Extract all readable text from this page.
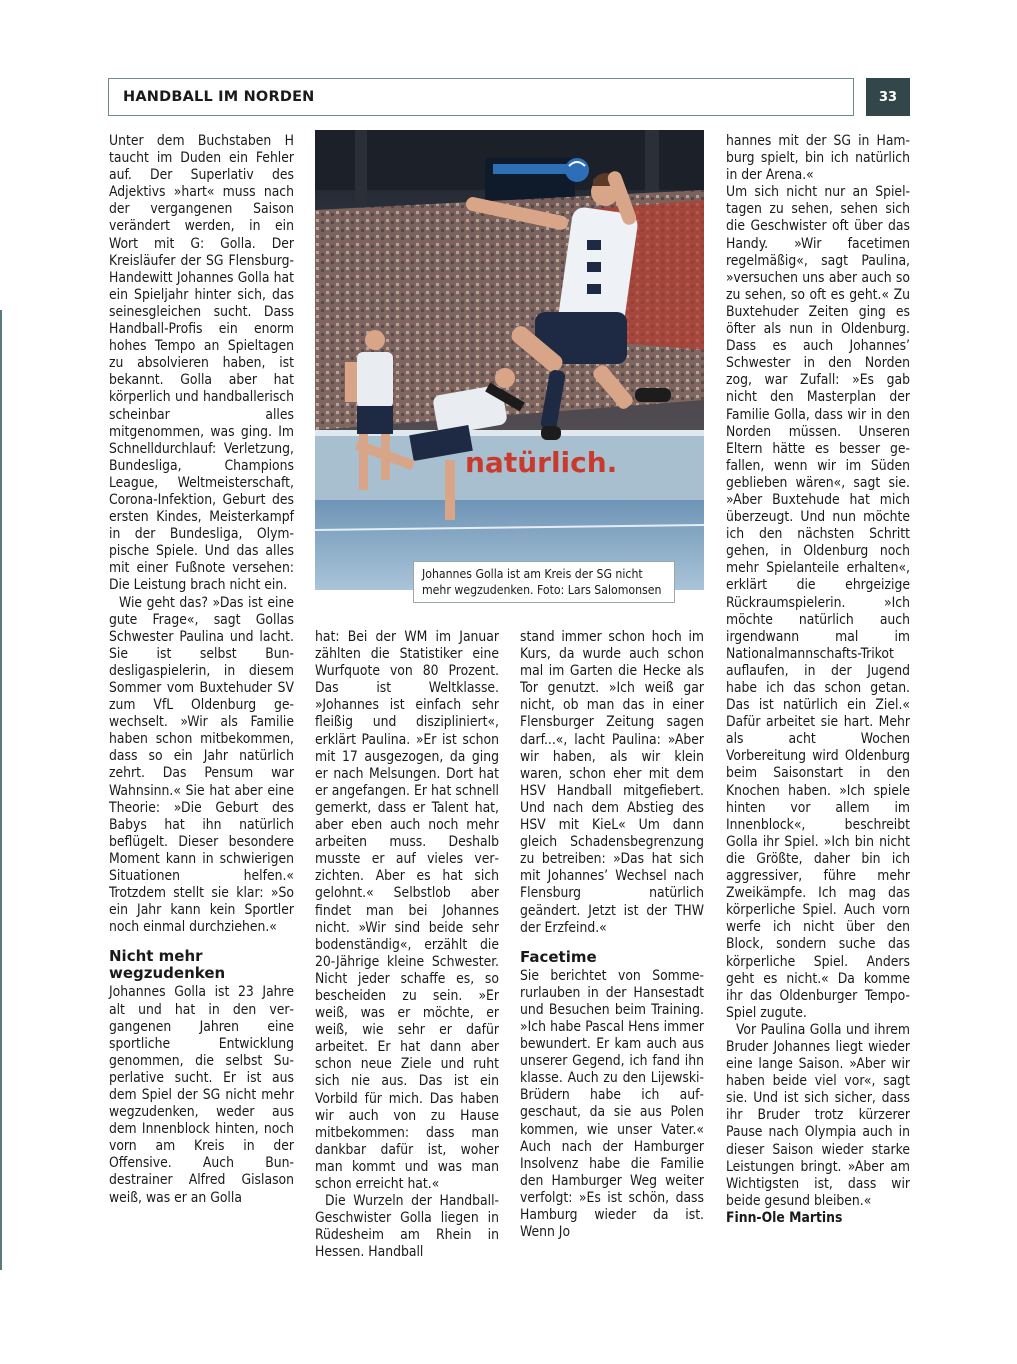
HANDBALL IM NORDEN	33

Unter dem Buchstaben H taucht im Duden ein Fehler auf. Der Superlativ des Adjektivs »hart« muss nach der vergangenen Saison verändert werden, in ein Wort mit G: Golla. Der Kreisläufer der SG Flensburg-Handewitt Johannes Golla hat ein Spieljahr hinter sich, das seinesgleichen sucht. Dass Handball-Profis ein enorm hohes Tempo an Spieltagen zu absolvieren haben, ist bekannt. Golla aber hat körperlich und handballerisch scheinbar alles mitgenommen, was ging. Im Schnelldurchlauf: Verletzung, Bundesliga, Champions League, Weltmeisterschaft, Corona-Infektion, Geburt des ersten Kindes, Meisterkampf in der Bundesliga, Olympische Spiele. Und das alles mit einer Fußnote versehen: Die Leistung brach nicht ein.

Wie geht das? »Das ist eine gute Frage«, sagt Gollas Schwester Paulina und lacht. Sie ist selbst Bundesligaspielerin, in diesem Sommer vom Buxtehuder SV zum VfL Oldenburg gewechselt. »Wir als Familie haben schon mitbekommen, dass so ein Jahr natürlich zehrt. Das Pensum war Wahnsinn.« Sie hat aber eine Theorie: »Die Geburt des Babys hat ihn natürlich beflügelt. Dieser besondere Moment kann in schwierigen Situationen helfen.« Trotzdem stellt sie klar: »So ein Jahr kann kein Sportler noch einmal durchziehen.«

Nicht mehr wegzudenken

Johannes Golla ist 23 Jahre alt und hat in den vergangenen Jahren eine sportliche Entwicklung genommen, die selbst Superlative sucht. Er ist aus dem Spiel der SG nicht mehr wegzudenken, weder aus dem Innenblock hinten, noch vorn am Kreis in der Offensive. Auch Bundestrainer Alfred Gislason weiß, was er an Golla

natürlich.
Johannes Golla ist am Kreis der SG nicht mehr wegzudenken. Foto: Lars Salomonsen

hat: Bei der WM im Januar zählten die Statistiker eine Wurfquote von 80 Prozent. Das ist Weltklasse. »Johannes ist einfach sehr fleißig und diszipliniert«, erklärt Paulina. »Er ist schon mit 17 ausgezogen, da ging er nach Melsungen. Dort hat er angefangen. Er hat schnell gemerkt, dass er Talent hat, aber eben auch noch mehr arbeiten muss. Deshalb musste er auf vieles verzichten. Aber es hat sich gelohnt.« Selbstlob aber findet man bei Johannes nicht. »Wir sind beide sehr bodenständig«, erzählt die 20-Jährige kleine Schwester. Nicht jeder schaffe es, so bescheiden zu sein. »Er weiß, was er möchte, er weiß, wie sehr er dafür arbeitet. Er hat dann aber schon neue Ziele und ruht sich nie aus. Das ist ein Vorbild für mich. Das haben wir auch von zu Hause mitbekommen: dass man dankbar dafür ist, woher man kommt und was man schon erreicht hat.«

Die Wurzeln der Handball-Geschwister Golla liegen in Rüdesheim am Rhein in Hessen. Handball

stand immer schon hoch im Kurs, da wurde auch schon mal im Garten die Hecke als Tor genutzt. »Ich weiß gar nicht, ob man das in einer Flensburger Zeitung sagen darf...«, lacht Paulina: »Aber wir haben, als wir klein waren, schon eher mit dem HSV Handball mitgefiebert. Und nach dem Abstieg des HSV mit KieL« Um dann gleich Schadensbegrenzung zu betreiben: »Das hat sich mit Johannes’ Wechsel nach Flensburg natürlich geändert. Jetzt ist der THW der Erzfeind.«

Facetime

Sie berichtet von Sommerurlauben in der Hansestadt und Besuchen beim Training. »Ich habe Pascal Hens immer bewundert. Er kam auch aus unserer Gegend, ich fand ihn klasse. Auch zu den Lijewski-Brüdern habe ich aufgeschaut, da sie aus Polen kommen, wie unser Vater.« Auch nach der Hamburger Insolvenz habe die Familie den Hamburger Weg weiter verfolgt: »Es ist schön, dass Hamburg wieder da ist. Wenn Jo

hannes mit der SG in Hamburg spielt, bin ich natürlich in der Arena.«

Um sich nicht nur an Spieltagen zu sehen, sehen sich die Geschwister oft über das Handy. »Wir facetimen regelmäßig«, sagt Paulina, »versuchen uns aber auch so zu sehen, so oft es geht.« Zu Buxtehuder Zeiten ging es öfter als nun in Oldenburg. Dass es auch Johannes’ Schwester in den Norden zog, war Zufall: »Es gab nicht den Masterplan der Familie Golla, dass wir in den Norden müssen. Unseren Eltern hätte es besser gefallen, wenn wir im Süden geblieben wären«, sagt sie. »Aber Buxtehude hat mich überzeugt. Und nun möchte ich den nächsten Schritt gehen, in Oldenburg noch mehr Spielanteile erhalten«, erklärt die ehrgeizige Rückraumspielerin. »Ich möchte natürlich auch irgendwann mal im Nationalmannschafts-Trikot auflaufen, in der Jugend habe ich das schon getan. Das ist natürlich ein Ziel.« Dafür arbeitet sie hart. Mehr als acht Wochen Vorbereitung wird Oldenburg beim Saisonstart in den Knochen haben. »Ich spiele hinten vor allem im Innenblock«, beschreibt Golla ihr Spiel. »Ich bin nicht die Größte, daher bin ich aggressiver, führe mehr Zweikämpfe. Ich mag das körperliche Spiel. Auch vorn werfe ich nicht über den Block, sondern suche das körperliche Spiel. Anders geht es nicht.« Da komme ihr das Oldenburger Tempo-Spiel zugute.

Vor Paulina Golla und ihrem Bruder Johannes liegt wieder eine lange Saison. »Aber wir haben beide viel vor«, sagt sie. Und ist sich sicher, dass ihr Bruder trotz kürzerer Pause nach Olympia auch in dieser Saison wieder starke Leistungen bringt. »Aber am Wichtigsten ist, dass wir beide gesund bleiben.«

Finn-Ole Martins
